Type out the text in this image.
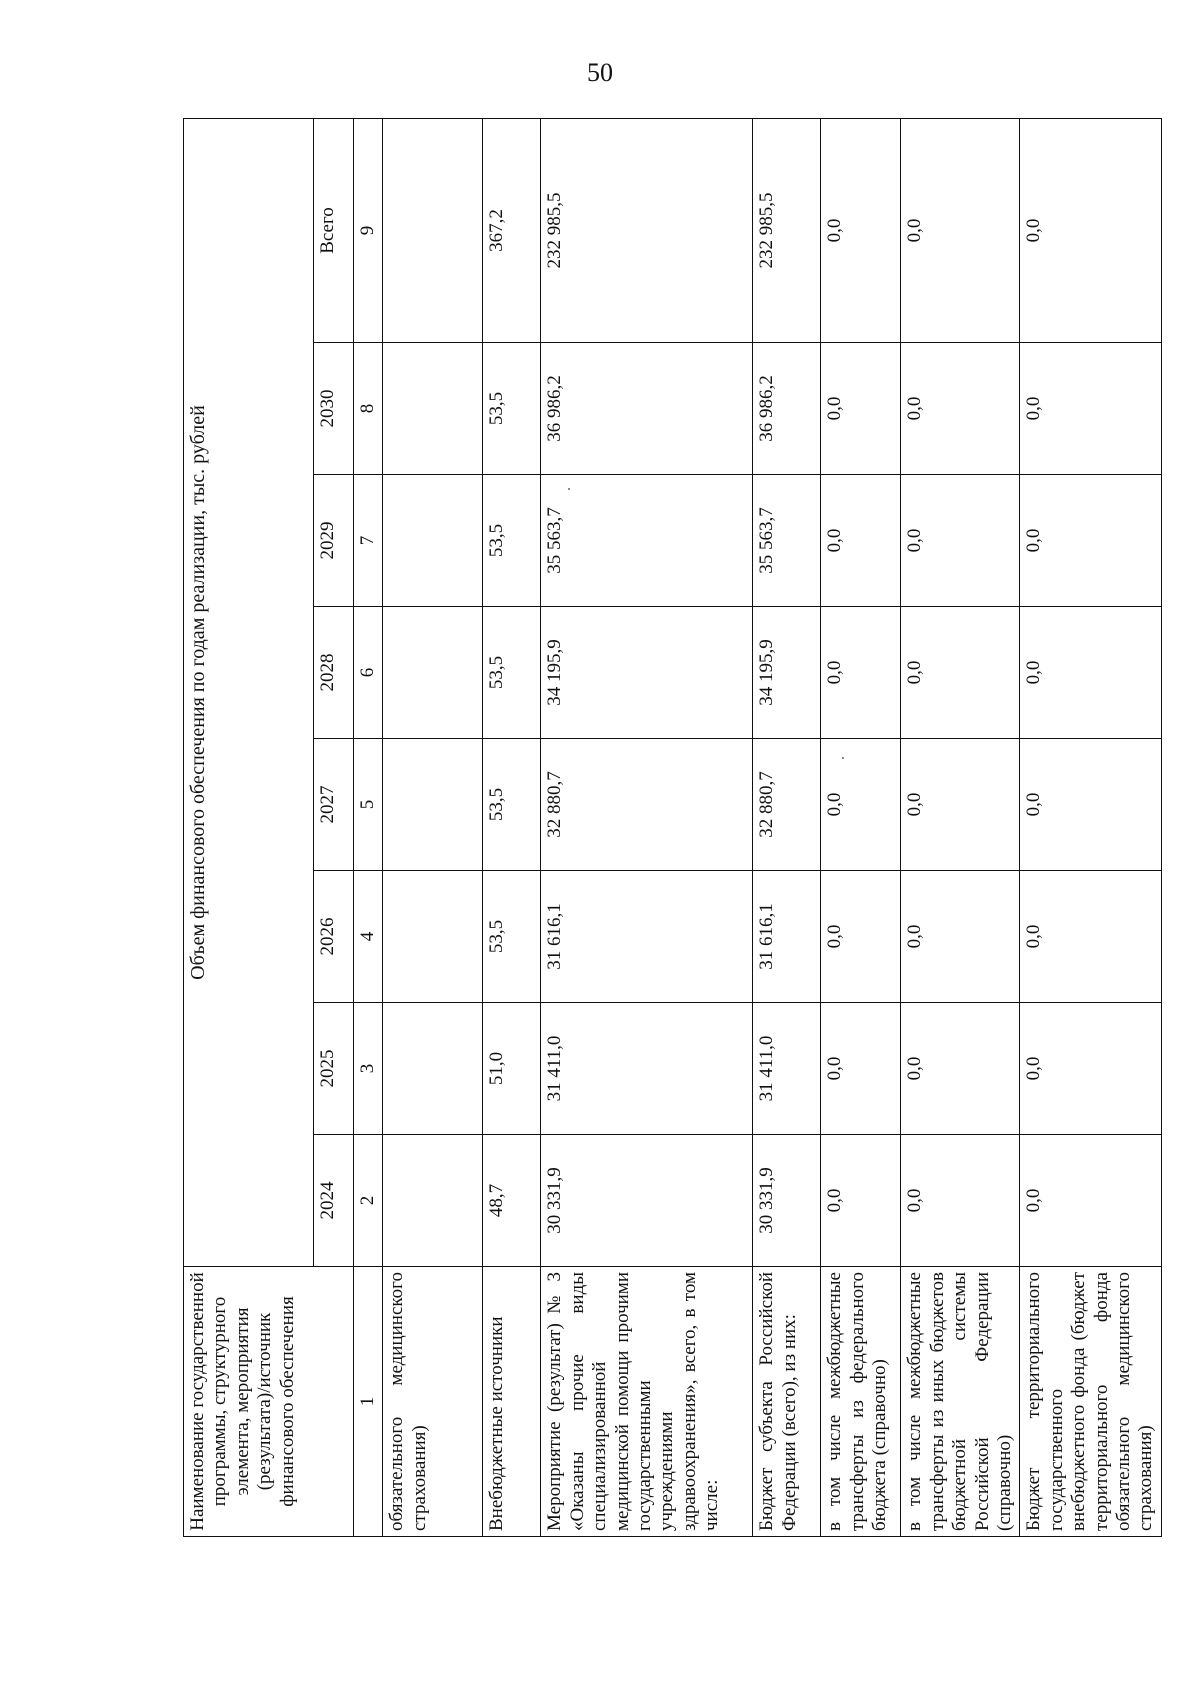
50
Наименование государственной программы, структурного элемента, мероприятия (результата)/источник финансового обеспечения	Объем финансового обеспечения по годам реализации, тыс. рублей							
	2024	2025	2026	2027	2028	2029	2030	Всего
1	2	3	4	5	6	7	8	9
обязательного медицинского страхования)								
Внебюджетные источники	48,7	51,0	53,5	53,5	53,5	53,5	53,5	367,2
Мероприятие (результат) № 3 «Оказаны прочие виды специализированной медицинской помощи прочими государственными учреждениями здравоохранения», всего, в том числе:	30 331,9	31 411,0	31 616,1	32 880,7	34 195,9	35 563,7	36 986,2	232 985,5
Бюджет субъекта Российской Федерации (всего), из них:	30 331,9	31 411,0	31 616,1	32 880,7	34 195,9	35 563,7	36 986,2	232 985,5
в том числе межбюджетные трансферты из федерального бюджета (справочно)	0,0	0,0	0,0	0,0	0,0	0,0	0,0	0,0
в том числе межбюджетные трансферты из иных бюджетов бюджетной системы Российской Федерации (справочно)	0,0	0,0	0,0	0,0	0,0	0,0	0,0	0,0
Бюджет территориального государственного внебюджетного фонда (бюджет территориального фонда обязательного медицинского страхования)	0,0	0,0	0,0	0,0	0,0	0,0	0,0	0,0
